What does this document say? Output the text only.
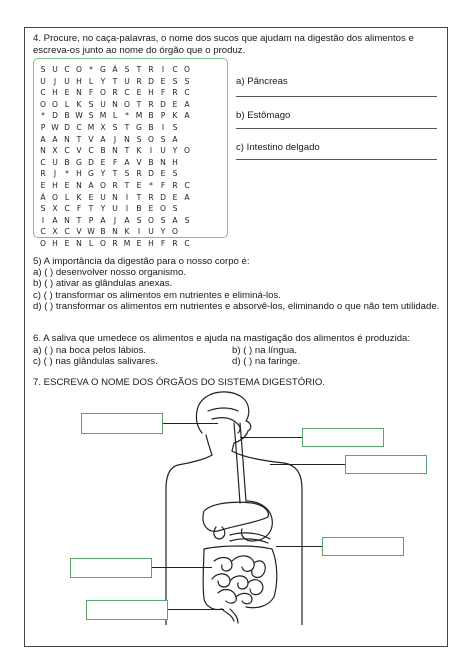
4. Procure, no caça-palavras, o nome dos sucos que ajudam na digestão dos alimentos e escreva-os junto ao nome do órgão que o produz.
S U C O * G Á S T R	I	C O
U	J	U H L Y T U R D E S S
C H E N F O R C E H F R C
O O L K S U N O T R D E A
* D B W S M L	* M B P K A
P W D C M X S T G B	I	S
A A N T V A	J	N S O S A
N X C V C B N T K	I	U Y O
C U B G D E F A V B N H
R	J	* H G Y T S R D E S
E H E N A O R T E	*	F R C
Á O L K E U N	I	T R D E A
S X C F T Y U	I	B E O S
I	A N T P A	J	A S O S A S
C X C V W B N K	I	U Y O
O H E N L O R M E H F R C
a) Pâncreas
b) Estômago
c) Intestino delgado
5) A importância da digestão para o nosso corpo é:
a) ( ) desenvolver nosso organismo.
b) ( ) ativar as glândulas anexas.
c) ( ) transformar os alimentos em nutrientes e eliminá-los.
d) ( ) transformar os alimentos em nutrientes e absorvê-los, eliminando o que não tem utilidade.
6. A saliva que umedece os alimentos e ajuda na mastigação dos alimentos é produzida:
a) ( ) na boca pelos lábios.	b) ( ) na língua.
c) ( ) nas glândulas salivares.	d) ( ) na faringe.
7. ESCREVA O NOME DOS ÓRGÃOS DO SISTEMA DIGESTÓRIO.
